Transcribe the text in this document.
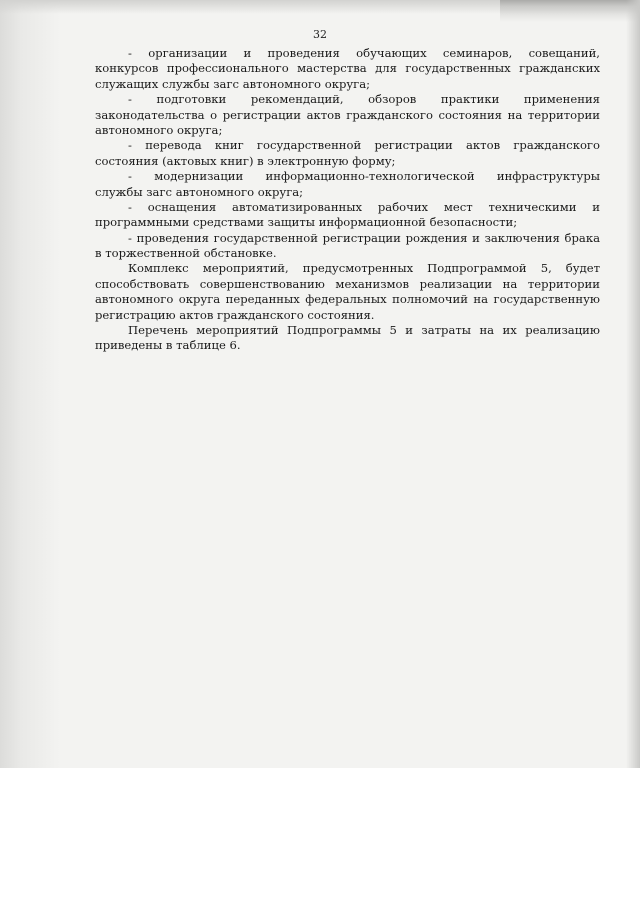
32
- организации и проведения обучающих семинаров, совещаний,
конкурсов профессионального мастерства для государственных гражданских
служащих службы загс автономного округа;
- подготовки рекомендаций, обзоров практики применения
законодательства о регистрации актов гражданского состояния на территории
автономного округа;
- перевода книг государственной регистрации актов гражданского
состояния (актовых книг) в электронную форму;
- модернизации информационно-технологической инфраструктуры
службы загс автономного округа;
- оснащения автоматизированных рабочих мест техническими и
программными средствами защиты информационной безопасности;
- проведения государственной регистрации рождения и заключения брака
в торжественной обстановке.
Комплекс мероприятий, предусмотренных Подпрограммой 5, будет
способствовать совершенствованию механизмов реализации на территории
автономного округа переданных федеральных полномочий на государственную
регистрацию актов гражданского состояния.
Перечень мероприятий Подпрограммы 5 и затраты на их реализацию
приведены в таблице 6.
